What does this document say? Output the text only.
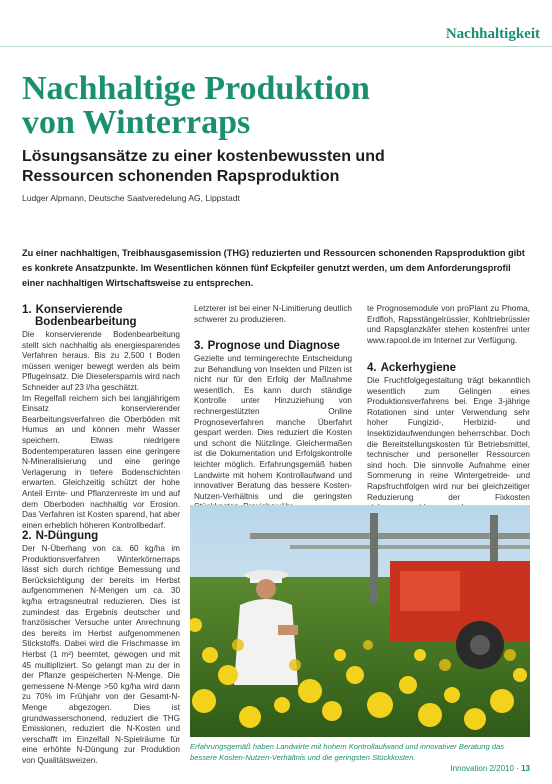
Nachhaltigkeit
Nachhaltige Produktion
von Winterraps
Lösungsansätze zu einer kostenbewussten und
Ressourcen schonenden Rapsproduktion
Ludger Alpmann, Deutsche Saatveredelung AG, Lippstadt
Zu einer nachhaltigen, Treibhausgasemission (THG) reduzierten und Ressourcen schonenden Rapsproduktion gibt es konkrete Ansatzpunkte. Im Wesentlichen können fünf Eckpfeiler genutzt werden, um dem Anforderungsprofil einer nachhaltigen Wirtschaftsweise zu entsprechen.
1. Konservierende
Bodenbearbeitung

Die konservierende Bodenbearbeitung stellt sich nachhaltig als energiesparendes Verfahren heraus. Bis zu 2.500 t Boden müssen weniger bewegt werden als beim Pflugeinsatz. Die Dieselersparnis wird nach Schneider auf 23 l/ha geschätzt.

Im Regelfall reichern sich bei langjährigem Einsatz konservierender Bearbeitungsverfahren die Oberböden mit Humus an und können mehr Wasser speichern. Etwas niedrigere Bodentemperaturen lassen eine geringere N-Mineralisierung und eine geringe Verlagerung in tiefere Bodenschichten erwarten. Gleichzeitig schützt der hohe Anteil Ernte- und Pflanzenreste im und auf dem Oberboden nachhaltig vor Erosion. Das Verfahren ist Kosten sparend, hat aber einen erheblich höheren Kontrollbedarf.

2. N-Düngung

Der N-Überhang von ca. 60 kg/ha im Produktionsverfahren Winterkörnerraps lässt sich durch richtige Bemessung und Berücksichtigung der bereits im Herbst aufgenommenen N-Mengen um ca. 30 kg/ha ertragsneutral reduzieren. Dies ist zumindest das Ergebnis deutscher und französischer Versuche unter Anrechnung des bereits im Herbst aufgenommenen Stickstoffs. Dabei wird die Frischmasse im Herbst (1 m²) beerntet, gewogen und mit 45 multipliziert. So gelangt man zu der in der Pflanze gespeicherten N-Menge. Die gemessene N-Menge >50 kg/ha wird dann zu 70% im Frühjahr von der Gesamt-N-Menge abgezogen. Dies ist grundwasserschonend, reduziert die THG Emissionen, reduziert die N-Kosten und verschafft im Einzelfall N-Spielräume für eine erhöhte N-Düngung zur Produktion von Qualitätsweizen.

Letzterer ist bei einer N-Limitierung deutlich schwerer zu produzieren.
3. Prognose und Diagnose

Gezielte und termingerechte Entscheidung zur Behandlung von Insekten und Pilzen ist nicht nur für den Erfolg der Maßnahme wesentlich. Es kann durch ständige Kontrolle unter Hinzuziehung von rechnergestützten Online Prognoseverfahren manche Überfahrt gespart werden. Dies reduziert die Kosten und schont die Nützlinge. Gleichermaßen ist die Dokumentation und Erfolgskontrolle leichter möglich. Erfahrungsgemäß haben Landwirte mit hohem Kontrollaufwand und innovativer Beratung das bessere Kosten-Nutzen-Verhältnis und die geringsten

te Prognosemodule von proPlant zu Phoma, Erdfloh, Rapsstängelrüssler, Kohltriebrüssler und Rapsglanzkäfer stehen kostenfrei unter www.rapool.de im Internet zur Verfügung.
4. Ackerhygiene

Die Fruchtfolgegestaltung trägt bekanntlich wesentlich zum Gelingen eines Produktionsverfahrens bei. Enge 3-jährige Rotationen sind unter Verwendung sehr hoher Fungizid-, Herbizid- und Insektizidaufwendungen beherrschbar. Doch die Bereitstellungskosten für Betriebsmittel, technischer und personeller Ressourcen sind hoch. Die sinnvolle Aufnahme einer Sommerung in reine Wintergetreide- und Rapsfruchtfolgen wird nur bei gleichzeitiger Reduzierung der Fixkosten

Erfahrungsgemäß haben Landwirte mit hohem Kontrollaufwand und innovativer Beratung das bessere Kosten-Nutzen-Verhältnis und die geringsten Stückkosten.
Innovation 2/2010 · 13
